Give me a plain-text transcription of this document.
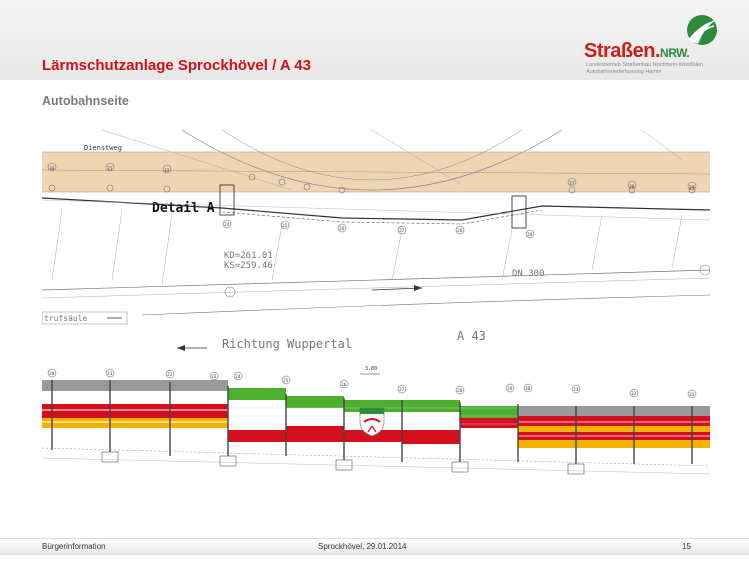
Lärmschutzanlage Sprockhövel / A 43
Autobahnseite
Straßen.NRW.
Landesbetrieb Straßenbau Nordrhein-Westfalen
Autobahnniederlassung Hamm
Dienstweg
Detail A
KD=261.01
KS=259.46
DN 300
trufsäule
Richtung Wuppertal
A 43
3.00
30	31	32
37
38	39
24	25
26	27	28
29
20	21	22	23	24
25
26
27	28	29	30	31
32	33
Bürgerinformation	Sprockhövel, 29.01.2014	15
